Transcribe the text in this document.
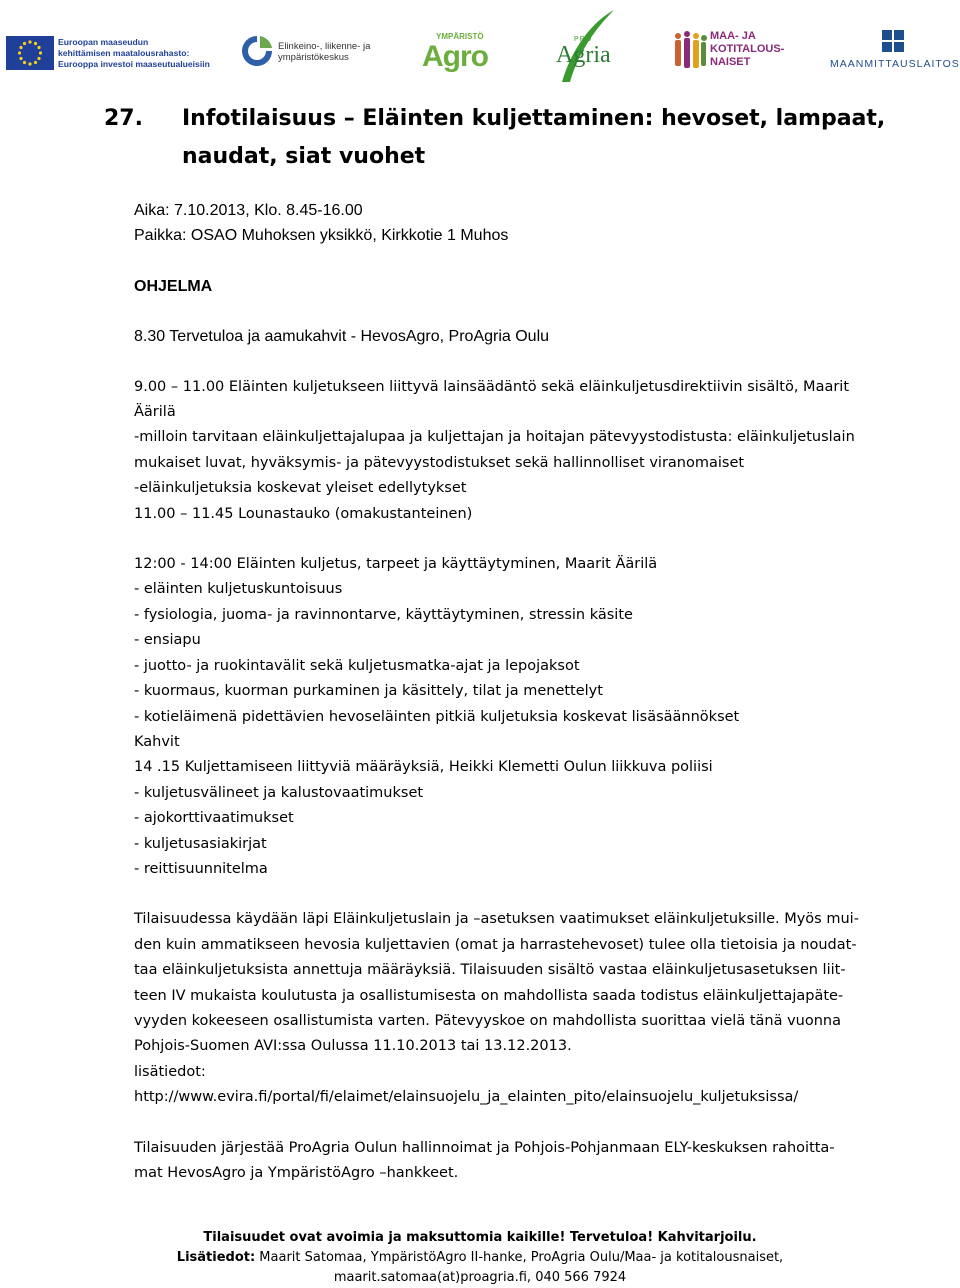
Euroopan maaseudun
kehittämisen maatalousrahasto:
Eurooppa investoi maaseutualueisiin
Elinkeino-, liikenne- ja
ympäristökeskus
YMPÄRISTÖ
Agro
PRO
Agria
MAA- JA
KOTITALOUS-
NAISET	MAANMITTAUSLAITOS
27. Infotilaisuus – Eläinten kuljettaminen: hevoset, lampaat,
naudat, siat vuohet

Aika: 7.10.2013, Klo. 8.45-16.00

Paikka: OSAO Muhoksen yksikkö, Kirkkotie 1 Muhos

OHJELMA

8.30 Tervetuloa ja aamukahvit - HevosAgro, ProAgria Oulu

9.00 – 11.00 Eläinten kuljetukseen liittyvä lainsäädäntö sekä eläinkuljetusdirektiivin sisältö, Maarit

Äärilä

-milloin tarvitaan eläinkuljettajalupaa ja kuljettajan ja hoitajan pätevyystodistusta: eläinkuljetuslain

mukaiset luvat, hyväksymis- ja pätevyystodistukset sekä hallinnolliset viranomaiset

-eläinkuljetuksia koskevat yleiset edellytykset

11.00 – 11.45 Lounastauko (omakustanteinen)

12:00 - 14:00 Eläinten kuljetus, tarpeet ja käyttäytyminen, Maarit Äärilä

- eläinten kuljetuskuntoisuus

- fysiologia, juoma- ja ravinnontarve, käyttäytyminen, stressin käsite

- ensiapu

- juotto- ja ruokintavälit sekä kuljetusmatka-ajat ja lepojaksot

- kuormaus, kuorman purkaminen ja käsittely, tilat ja menettelyt

- kotieläimenä pidettävien hevoseläinten pitkiä kuljetuksia koskevat lisäsäännökset

Kahvit

14 .15 Kuljettamiseen liittyviä määräyksiä, Heikki Klemetti Oulun liikkuva poliisi

- kuljetusvälineet ja kalustovaatimukset

- ajokorttivaatimukset

- kuljetusasiakirjat

- reittisuunnitelma

Tilaisuudessa käydään läpi Eläinkuljetuslain ja –asetuksen vaatimukset eläinkuljetuksille. Myös mui-

den kuin ammatikseen hevosia kuljettavien (omat ja harrastehevoset) tulee olla tietoisia ja noudat-

taa eläinkuljetuksista annettuja määräyksiä. Tilaisuuden sisältö vastaa eläinkuljetusasetuksen liit-

teen IV mukaista koulutusta ja osallistumisesta on mahdollista saada todistus eläinkuljettajapäte-

vyyden kokeeseen osallistumista varten. Pätevyyskoe on mahdollista suorittaa vielä tänä vuonna

Pohjois-Suomen AVI:ssa Oulussa 11.10.2013 tai 13.12.2013.

lisätiedot:

http://www.evira.fi/portal/fi/elaimet/elainsuojelu_ja_elainten_pito/elainsuojelu_kuljetuksissa/

Tilaisuuden järjestää ProAgria Oulun hallinnoimat ja Pohjois-Pohjanmaan ELY-keskuksen rahoitta-

mat HevosAgro ja YmpäristöAgro –hankkeet.

Tilaisuudet ovat avoimia ja maksuttomia kaikille! Tervetuloa! Kahvitarjoilu.

Lisätiedot: Maarit Satomaa, YmpäristöAgro II-hanke, ProAgria Oulu/Maa- ja kotitalousnaiset,

maarit.satomaa(at)proagria.fi, 040 566 7924
